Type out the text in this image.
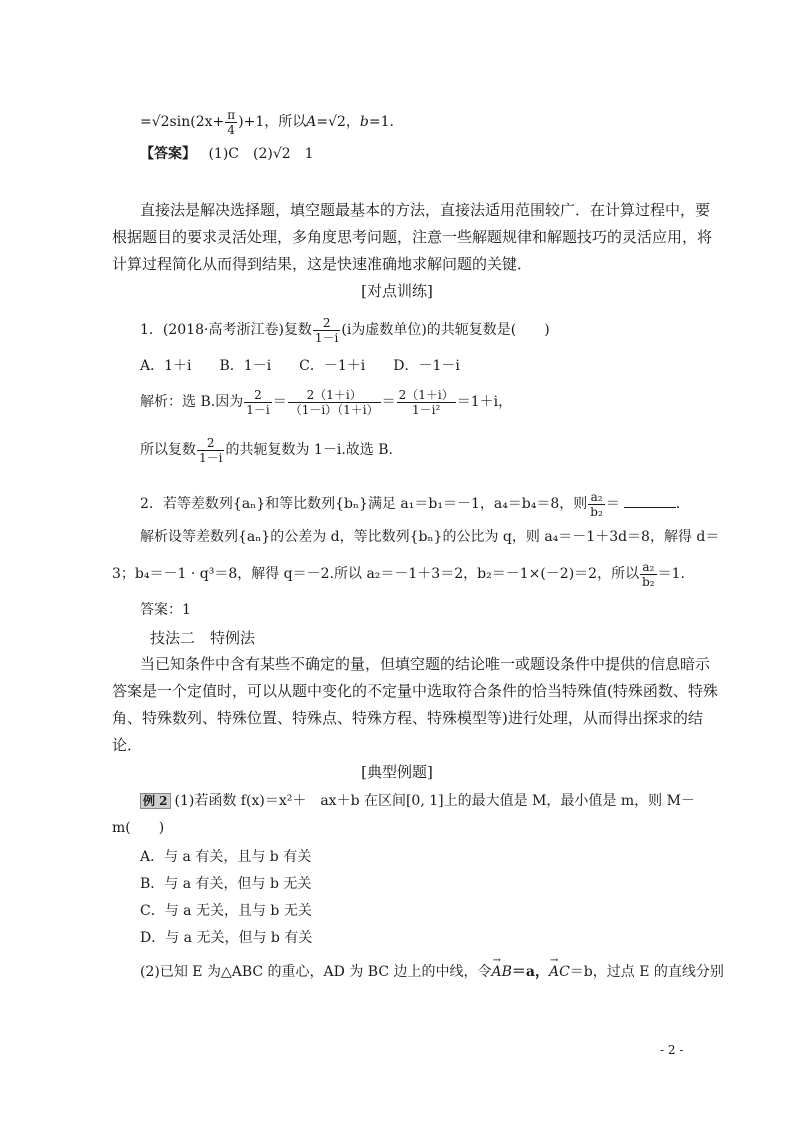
$=√2\sin(2x+ \frac{\pi}{4} )+1$，所以A=√2，b=1.
【答案】 (1)C　(2)√2　1
直接法是解决选择题，填空题最基本的方法，直接法适用范围较广．在计算过程中，要
根据题目的要求灵活处理，多角度思考问题，注意一些解题规律和解题技巧的灵活应用，将
计算过程简化从而得到结果，这是快速准确地求解问题的关键．
[对点训练]
1．(2018·高考浙江卷)复数 $\frac{2}{1-i} (i$为虚数单位)的共轭复数是(　　)
A．1＋i　　B．1－i　　C．－1＋i　　D．－1－i
解析：选 B.因为 $\frac{2}{1-i} = \frac{2(1+i)}{(1-i)(1+i)} = \frac{2(1+i)}{\text{1－i²}} =1+i$，
所以复数 $\frac{2}{1-i}$ 的共轭复数为 1－i.故选 B.
2．若等差数列{aₙ}和等比数列{bₙ}满足 a₁＝b₁＝－1，a₄＝b₄＝8，则 $\frac{\text{a₂}}{\text{b₂}}$ ＝	.
解析设等差数列{aₙ}的公差为 d，等比数列{bₙ}的公比为 q，则 a₄＝－1＋3d＝8，解得 d＝
3；b₄＝－1 · q³＝8，解得 q＝－2.所以 a₂＝－1＋3＝2，b₂＝－1×(－2)＝2，所以 $\frac{\text{a₂}}{\text{b₂}} =1$.
答案：1
技法二　特例法
当已知条件中含有某些不确定的量，但填空题的结论唯一或题设条件中提供的信息暗示
答案是一个定值时，可以从题中变化的不定量中选取符合条件的恰当特殊值(特殊函数、特殊
角、特殊数列、特殊位置、特殊点、特殊方程、特殊模型等)进行处理，从而得出探求的结
论．
[典型例题]
例 2 (1)若函数 f(x)＝x²＋　ax＋b 在区间[0, 1]上的最大值是 M，最小值是 m，则 M－
m(　　)
A．与 a 有关，且与 b 有关
B．与 a 有关，但与 b 无关
C．与 a 无关，且与 b 无关
D．与 a 无关，但与 b 有关
(2)已知 E 为△ABC 的重心，AD 为 BC 边上的中线，令→ AB＝a，→ AC＝b，过点 E 的直线分别
- 2 -
